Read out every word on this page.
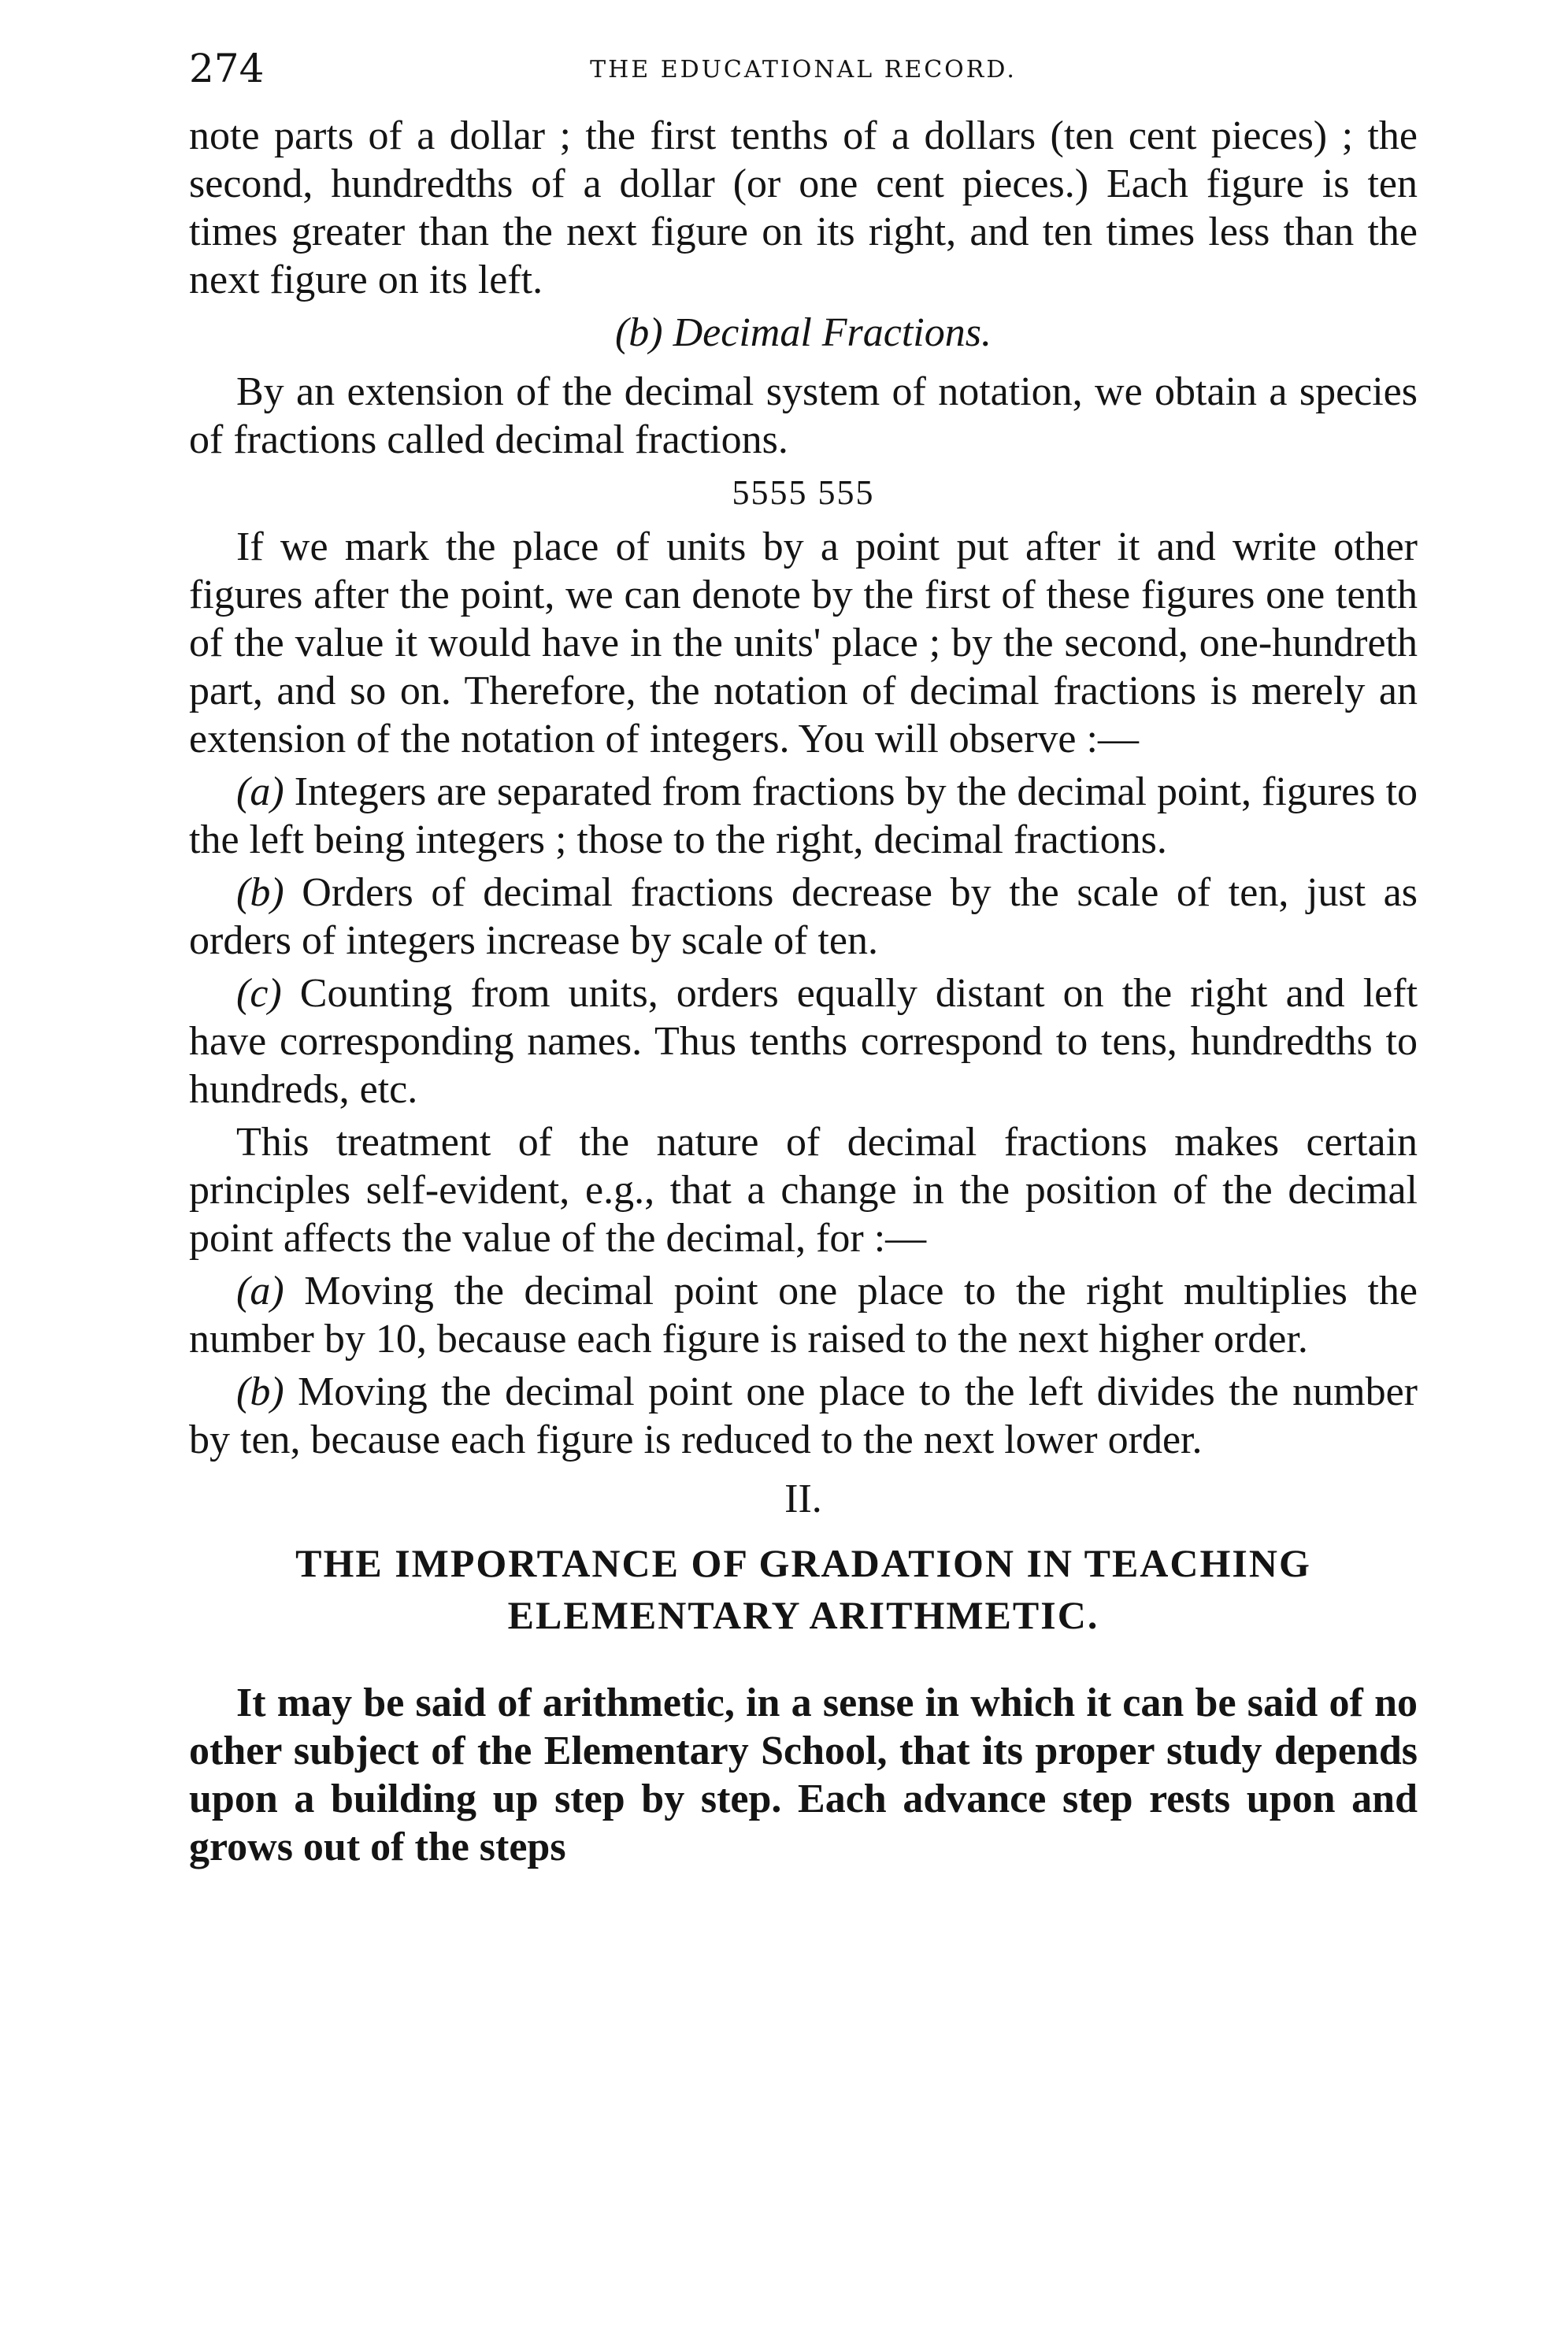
274	THE EDUCATIONAL RECORD.

note parts of a dollar ; the first tenths of a dollars (ten cent pieces) ; the second, hundredths of a dollar (or one cent pieces.) Each figure is ten times greater than the next figure on its right, and ten times less than the next figure on its left.

(b) Decimal Fractions.

By an extension of the decimal system of notation, we obtain a species of fractions called decimal fractions.

5555 555

If we mark the place of units by a point put after it and write other figures after the point, we can denote by the first of these figures one tenth of the value it would have in the units' place ; by the second, one-hundreth part, and so on. Therefore, the notation of decimal fractions is merely an extension of the notation of integers. You will observe :—

(a) Integers are separated from fractions by the decimal point, figures to the left being integers ; those to the right, decimal fractions.

(b) Orders of decimal fractions decrease by the scale of ten, just as orders of integers increase by scale of ten.

(c) Counting from units, orders equally distant on the right and left have corresponding names. Thus tenths correspond to tens, hundredths to hundreds, etc.

This treatment of the nature of decimal fractions makes certain principles self-evident, e.g., that a change in the position of the decimal point affects the value of the decimal, for :—

(a) Moving the decimal point one place to the right multiplies the number by 10, because each figure is raised to the next higher order.

(b) Moving the decimal point one place to the left divides the number by ten, because each figure is reduced to the next lower order.

II.

THE IMPORTANCE OF GRADATION IN TEACHING
ELEMENTARY ARITHMETIC.

It may be said of arithmetic, in a sense in which it can be said of no other subject of the Elementary School, that its proper study depends upon a building up step by step. Each advance step rests upon and grows out of the steps
